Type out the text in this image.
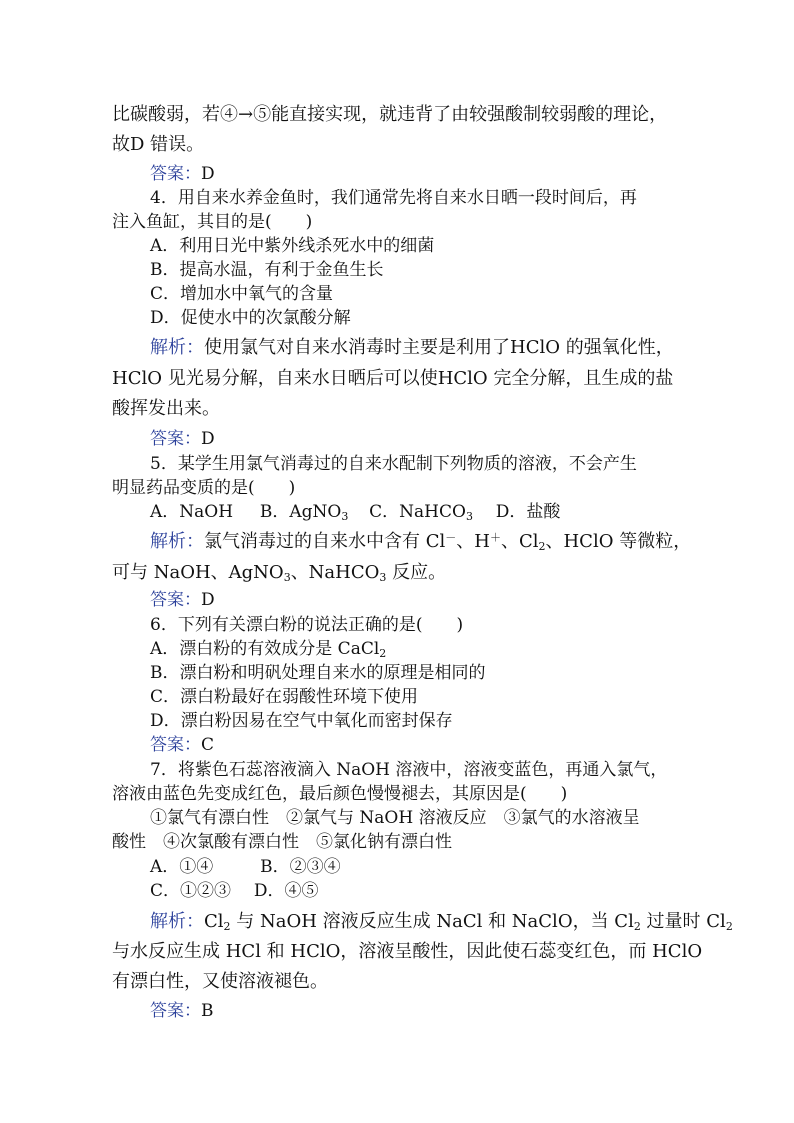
比碳酸弱，若④→⑤能直接实现，就违背了由较强酸制较弱酸的理论，
故D 错误。
答案：D
4．用自来水养金鱼时，我们通常先将自来水日晒一段时间后，再
注入鱼缸，其目的是(　　)
A．利用日光中紫外线杀死水中的细菌
B．提高水温，有利于金鱼生长
C．增加水中氧气的含量
D．促使水中的次氯酸分解
解析：使用氯气对自来水消毒时主要是利用了HClO 的强氧化性，
HClO 见光易分解，自来水日晒后可以使HClO 完全分解，且生成的盐
酸挥发出来。
答案：D
5．某学生用氯气消毒过的自来水配制下列物质的溶液，不会产生
明显药品变质的是(　　)
A．NaOH B．AgNO$_3$ C．NaHCO$_3$ D．盐酸
解析：氯气消毒过的自来水中含有 Cl－、H＋、$Cl_2$、HClO 等微粒，
可与 NaOH、AgNO$_3$、NaHCO$_3$ 反应。
答案：D
6．下列有关漂白粉的说法正确的是(　　)
A．漂白粉的有效成分是 CaCl$_2$
B．漂白粉和明矾处理自来水的原理是相同的
C．漂白粉最好在弱酸性环境下使用
D．漂白粉因易在空气中氧化而密封保存
答案：C
7．将紫色石蕊溶液滴入 NaOH 溶液中，溶液变蓝色，再通入氯气，
溶液由蓝色先变成红色，最后颜色慢慢褪去，其原因是(　　)
①氯气有漂白性　②氯气与 NaOH 溶液反应　③氯气的水溶液呈
酸性　④次氯酸有漂白性　⑤氯化钠有漂白性
A．①④	B．②③④
C．①②③ D．④⑤
解析：$Cl_2$ 与 NaOH 溶液反应生成 NaCl 和 NaClO，当 $Cl_2$ 过量时 $Cl_2$
与水反应生成 HCl 和 HClO，溶液呈酸性，因此使石蕊变红色，而 HClO
有漂白性，又使溶液褪色。
答案：B
